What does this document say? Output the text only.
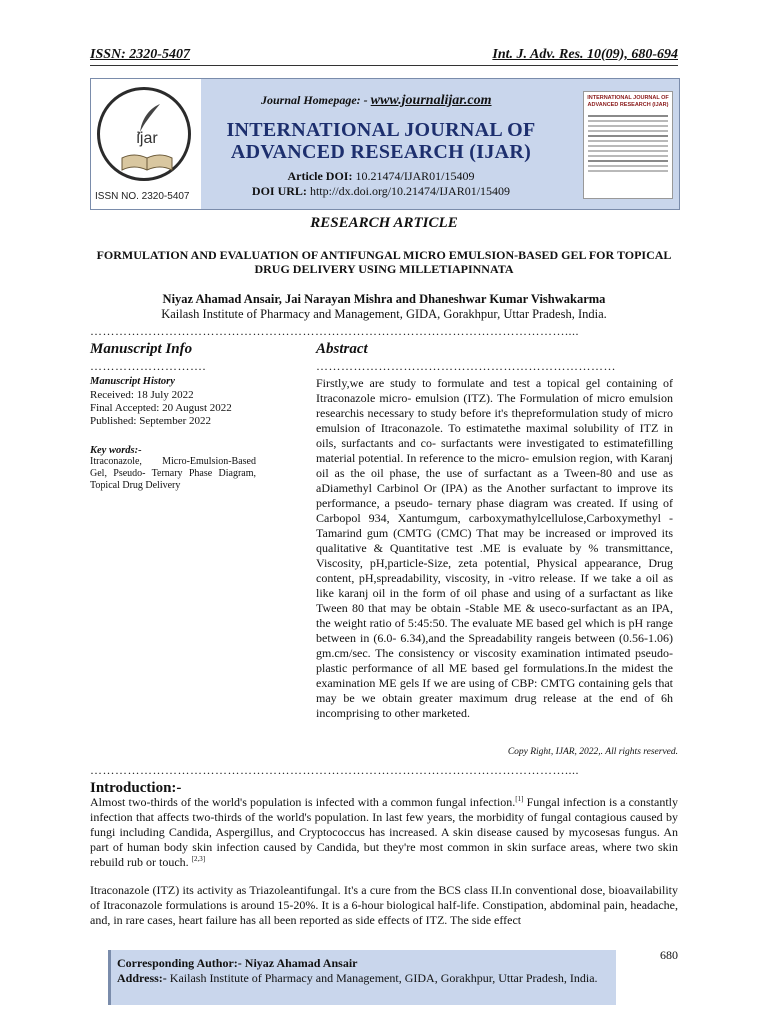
ISSN: 2320-5407	Int. J. Adv. Res. 10(09), 680-694
ijar
ISSN NO. 2320-5407
Journal Homepage: - www.journalijar.com
INTERNATIONAL JOURNAL OF
ADVANCED RESEARCH (IJAR)
Article DOI: 10.21474/IJAR01/15409
DOI URL: http://dx.doi.org/10.21474/IJAR01/15409
INTERNATIONAL JOURNAL OF ADVANCED RESEARCH (IJAR)
RESEARCH ARTICLE
FORMULATION AND EVALUATION OF ANTIFUNGAL MICRO EMULSION-BASED GEL FOR TOPICAL DRUG DELIVERY USING MILLETIAPINNATA
Niyaz Ahamad Ansair, Jai Narayan Mishra and Dhaneshwar Kumar Vishwakarma
Kailash Institute of Pharmacy and Management, GIDA, Gorakhpur, Uttar Pradesh, India.
……………………………………………………………………………………………………....
Manuscript Info
……………………….
Manuscript History
Received: 18 July 2022
Final Accepted: 20 August 2022
Published: September 2022
Key words:-
Itraconazole, Micro-Emulsion-Based Gel, Pseudo- Ternary Phase Diagram, Topical Drug Delivery
Abstract
………………………………………………………………
Firstly,we are study to formulate and test a topical gel containing of Itraconazole micro- emulsion (ITZ). The Formulation of micro emulsion researchis necessary to study before it's thepreformulation study of micro emulsion of Itraconazole. To estimatethe maximal solubility of ITZ in oils, surfactants and co- surfactants were investigated to estimatefilling material potential. In reference to the micro- emulsion region, with Karanj oil as the oil phase, the use of surfactant as a Tween-80 and use as aDiamethyl Carbinol Or (IPA) as the Another surfactant to improve its performance, a pseudo- ternary phase diagram was created. If using of Carbopol 934, Xantumgum, carboxymathylcellulose,Carboxymethyl -Tamarind gum (CMTG (CMC) That may be increased or improved its qualitative & Quantitative test .ME is evaluate by % transmittance, Viscosity, pH,particle-Size, zeta potential, Physical appearance, Drug content, pH,spreadability, viscosity, in -vitro release. If we take a oil as like karanj oil in the form of oil phase and using of a surfactant as like Tween 80 that may be obtain -Stable ME & useco-surfactant as an IPA, the weight ratio of 5:45:50. The evaluate ME based gel which is pH range between in (6.0- 6.34),and the Spreadability rangeis between (0.56-1.06) gm.cm/sec. The consistency or viscosity examination intimated pseudo- plastic performance of all ME based gel formulations.In the midest the examination ME gels If we are using of CBP: CMTG containing gels that may be we obtain greater maximum drug release at the end of 6h incomprising to other marketed.
Copy Right, IJAR, 2022,. All rights reserved.
……………………………………………………………………………………………………....
Introduction:-
Almost two-thirds of the world's population is infected with a common fungal infection.[1] Fungal infection is a constantly infection that affects two-thirds of the world's population. In last few years, the morbidity of fungal contagious caused by fungi including Candida, Aspergillus, and Cryptococcus has increased. A skin disease caused by mycosesas fungus. An part of human body skin infection caused by Candida, but they're most common in skin surface areas, where two skin rebuild rub or touch. [2,3]
Itraconazole (ITZ) its activity as Triazoleantifungal. It's a cure from the BCS class II.In conventional dose, bioavailability of Itraconazole formulations is around 15-20%. It is a 6-hour biological half-life. Constipation, abdominal pain, headache, and, in rare cases, heart failure has all been reported as side effects of ITZ. The side effect
680
Corresponding Author:- Niyaz Ahamad Ansair
Address:- Kailash Institute of Pharmacy and Management, GIDA, Gorakhpur, Uttar Pradesh, India.
